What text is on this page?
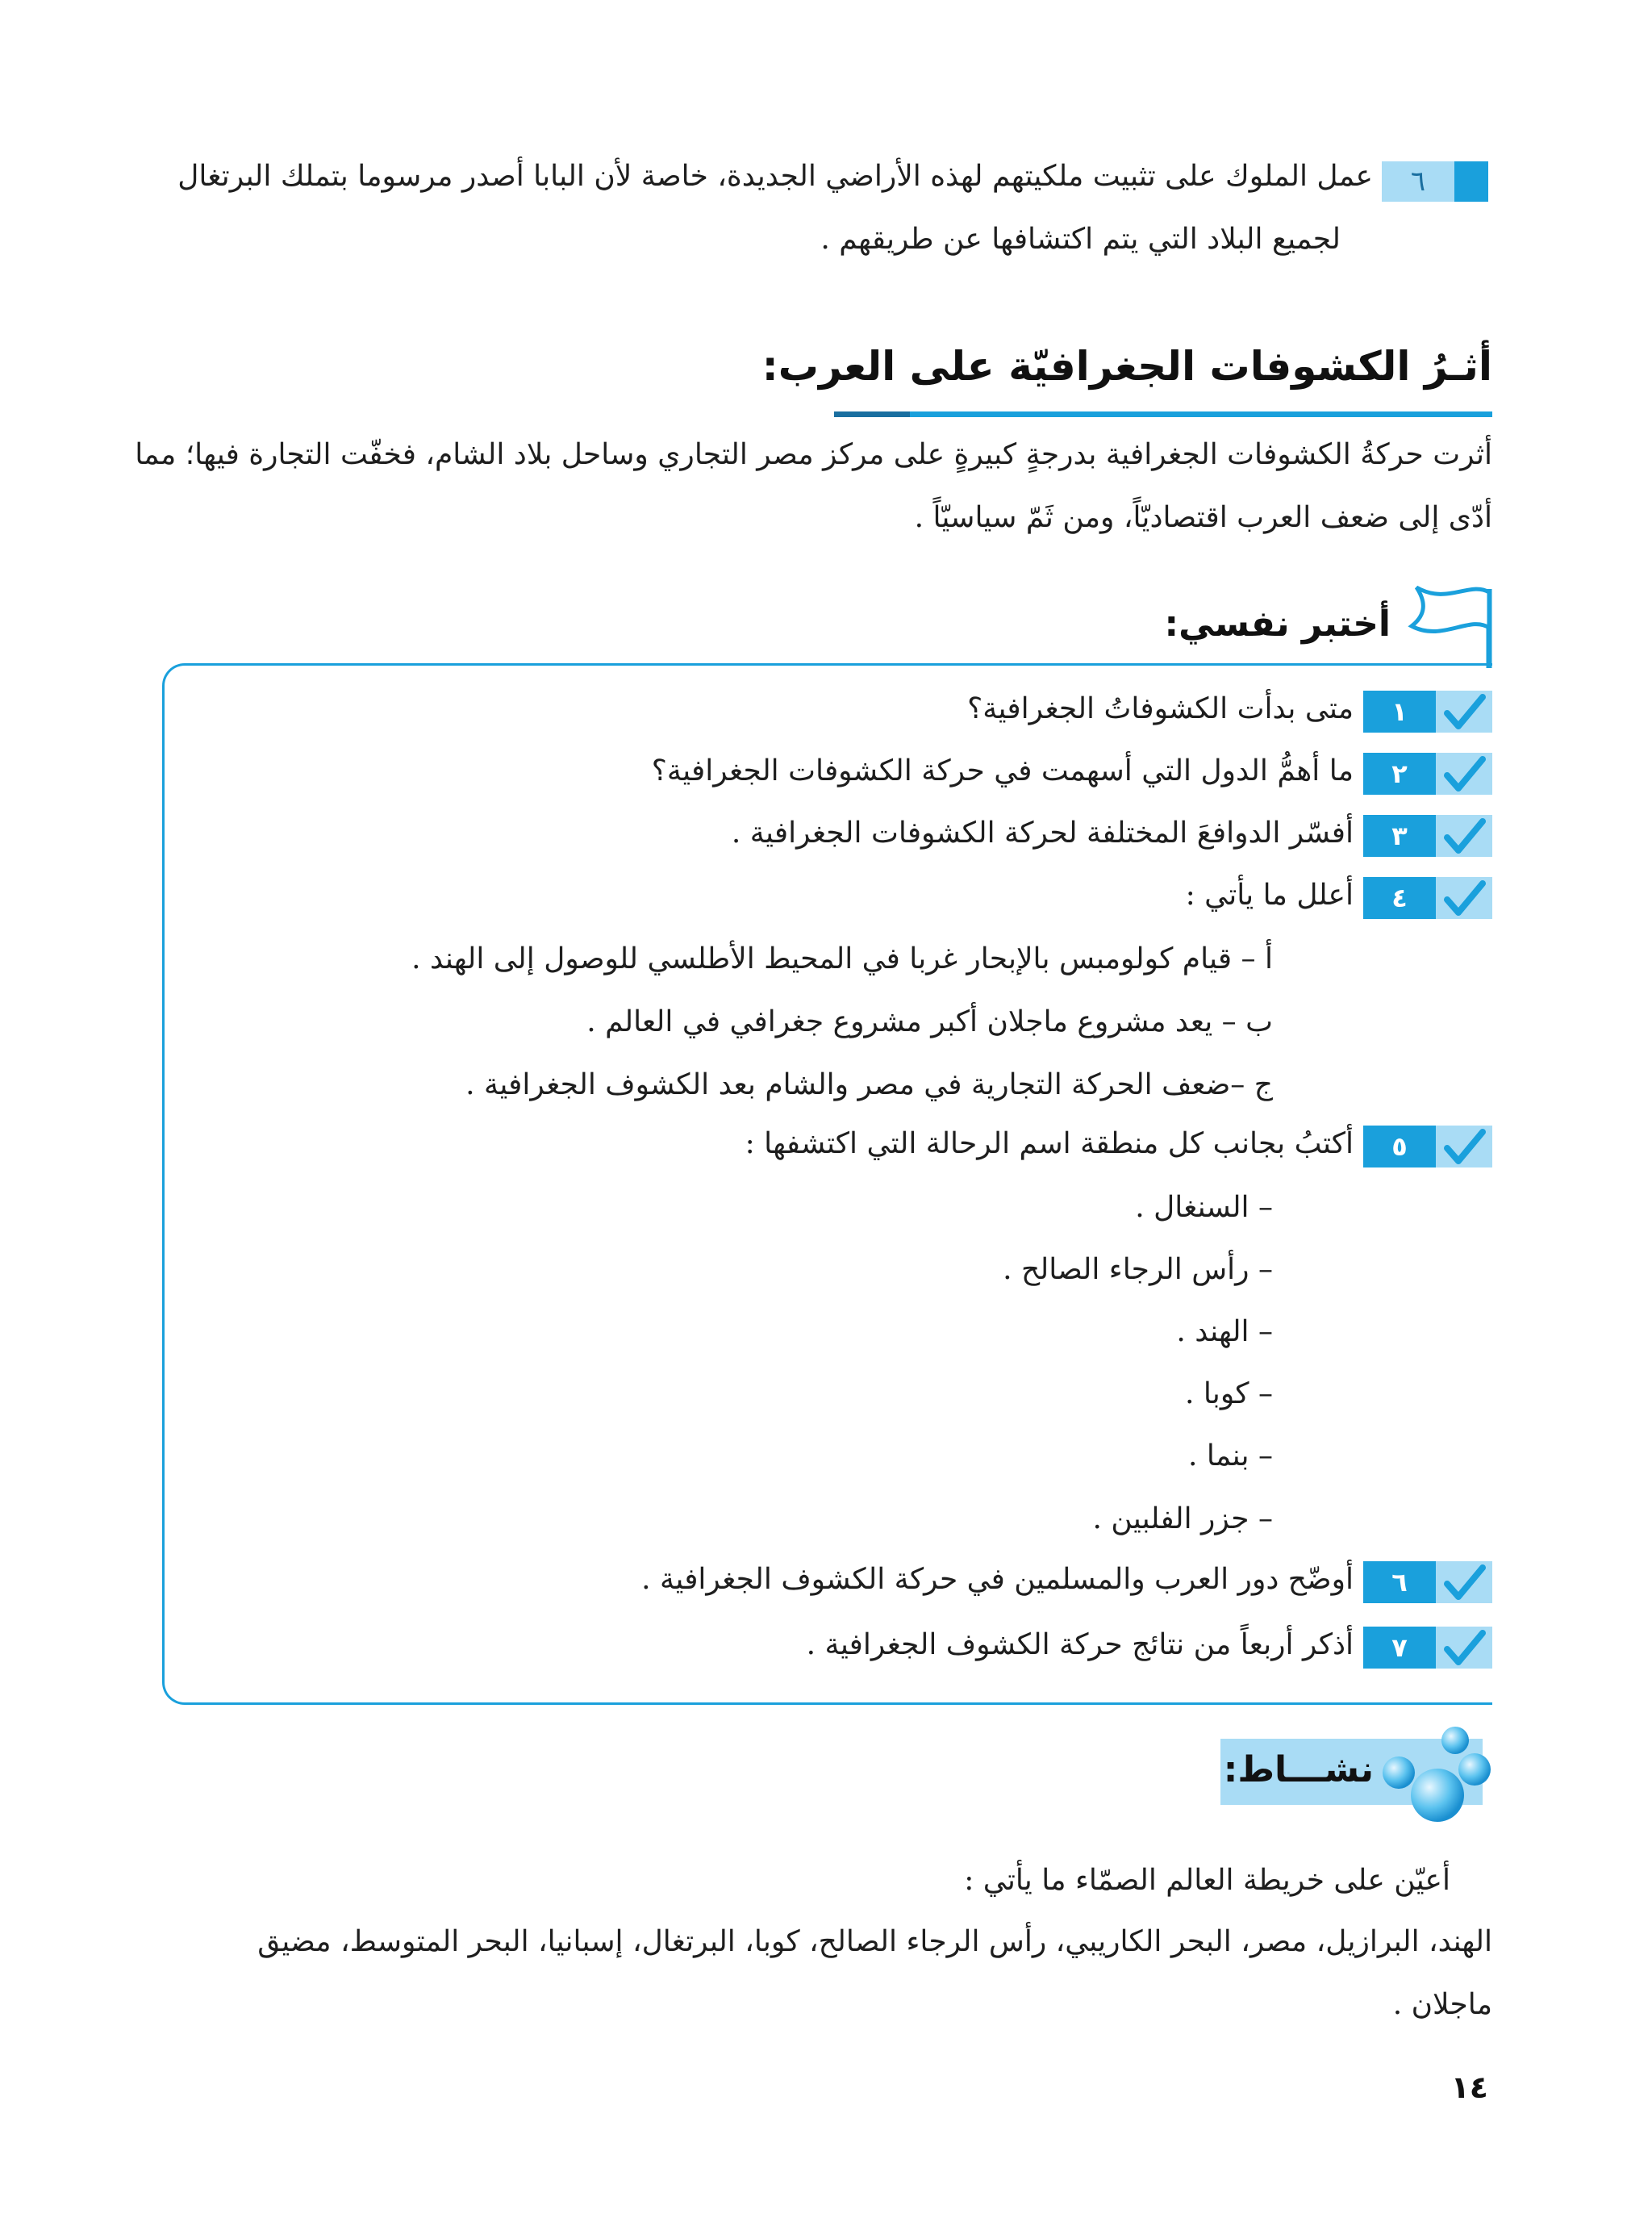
٦
عمل الملوك على تثبيت ملكيتهم لهذه الأراضي الجديدة، خاصة لأن البابا أصدر مرسوما بتملك البرتغال
لجميع البلاد التي يتم اكتشافها عن طريقهم .
أثـرُ الكشوفات الجغرافيّة على العرب:
أثرت حركةُ الكشوفات الجغرافية بدرجةٍ كبيرةٍ على مركز مصر التجاري وساحل بلاد الشام، فخفّت التجارة فيها؛ مما
أدّى إلى ضعف العرب اقتصاديّاً، ومن ثَمّ سياسيّاً .
أختبر نفسي:
١
متى بدأت الكشوفاتُ الجغرافية؟
٢
ما أهمُّ الدول التي أسهمت في حركة الكشوفات الجغرافية؟
٣
أفسّر الدوافعَ المختلفة لحركة الكشوفات الجغرافية .
٤
أعلل ما يأتي :
أ – قيام كولومبس بالإبحار غربا في المحيط الأطلسي للوصول إلى الهند .
ب – يعد مشروع ماجلان أكبر مشروع جغرافي في العالم .
ج –ضعف الحركة التجارية في مصر والشام بعد الكشوف الجغرافية .
٥
أكتبُ بجانب كل منطقة اسم الرحالة التي اكتشفها :
– السنغال .
– رأس الرجاء الصالح .
– الهند .
– كوبا .
– بنما .
– جزر الفلبين .
٦
أوضّح دور العرب والمسلمين في حركة الكشوف الجغرافية .
٧
أذكر أربعاً من نتائج حركة الكشوف الجغرافية .
نشـــاط:
أعيّن على خريطة العالم الصمّاء ما يأتي :
الهند، البرازيل، مصر، البحر الكاريبي، رأس الرجاء الصالح، كوبا، البرتغال، إسبانيا، البحر المتوسط، مضيق
ماجلان .
١٤
